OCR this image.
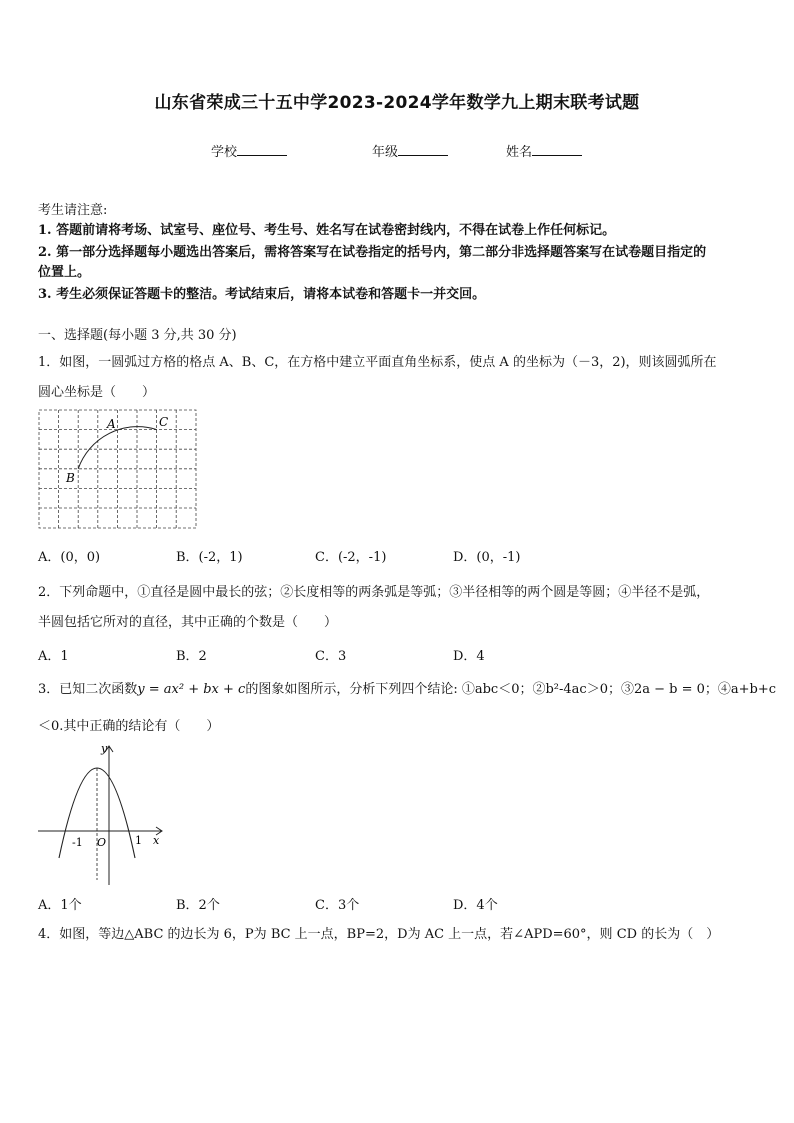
山东省荣成三十五中学2023-2024学年数学九上期末联考试题
学校	年级	姓名
考生请注意:
1. 答题前请将考场、试室号、座位号、考生号、姓名写在试卷密封线内，不得在试卷上作任何标记。
2. 第一部分选择题每小题选出答案后，需将答案写在试卷指定的括号内，第二部分非选择题答案写在试卷题目指定的
位置上。
3. 考生必须保证答题卡的整洁。考试结束后，请将本试卷和答题卡一并交回。
一、选择题(每小题 3 分,共 30 分)
1．如图，一圆弧过方格的格点 A、B、C，在方格中建立平面直角坐标系，使点 A 的坐标为（－3，2)，则该圆弧所在
圆心坐标是（　　）
A	C
B
A．(0，0)	B．(-2，1)	C．(-2，-1)	D．(0，-1)
2．下列命题中，①直径是圆中最长的弦；②长度相等的两条弧是等弧；③半径相等的两个圆是等圆；④半径不是弧，
半圆包括它所对的直径，其中正确的个数是（　　）
A．1	B．2	C．3	D．4
3．已知二次函数y = ax² + bx + c的图象如图所示，分析下列四个结论: ①abc＜0；②b²-4ac＞0；③2a − b = 0；④a+b+c
＜0.其中正确的结论有（　　）
y
x
-1 O	1
A．1个	B．2个	C．3个	D．4个
4．如图，等边△ABC 的边长为 6，P为 BC 上一点，BP=2，D为 AC 上一点，若∠APD=60°，则 CD 的长为（　）
